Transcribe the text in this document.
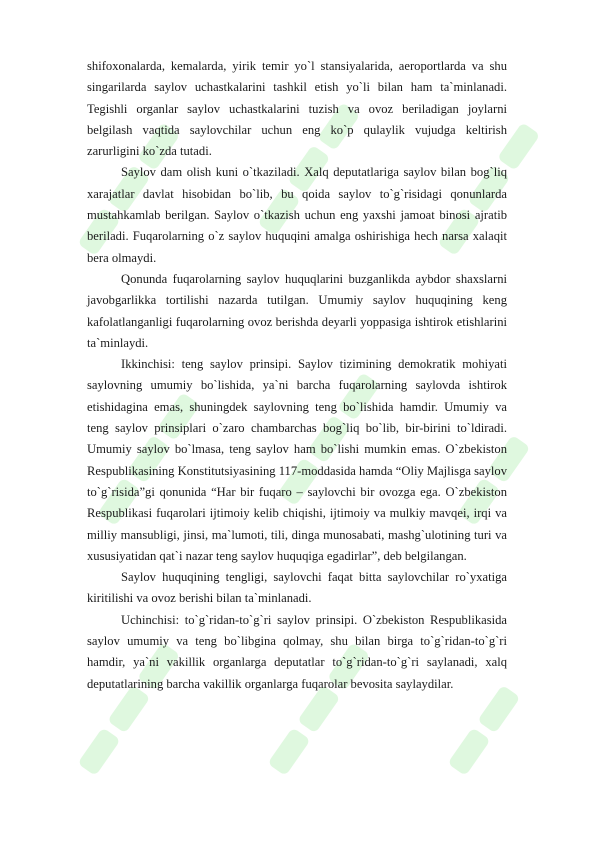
shifoxonalarda, kemalarda, yirik temir yo`l stansiyalarida, aeroportlarda va shu singarilarda saylov uchastkalarini tashkil etish yo`li bilan ham ta`minlanadi. Tegishli organlar saylov uchastkalarini tuzish va ovoz beriladigan joylarni belgilash vaqtida saylovchilar uchun eng ko`p qulaylik vujudga keltirish zarurligini ko`zda tutadi.

Saylov dam olish kuni o`tkaziladi. Xalq deputatlariga saylov bilan bog`liq xarajatlar davlat hisobidan bo`lib, bu qoida saylov to`g`risidagi qonunlarda mustahkamlab berilgan. Saylov o`tkazish uchun eng yaxshi jamoat binosi ajratib beriladi. Fuqarolarning o`z saylov huquqini amalga oshirishiga hech narsa xalaqit bera olmaydi.

Qonunda fuqarolarning saylov huquqlarini buzganlikda aybdor shaxslarni javobgarlikka tortilishi nazarda tutilgan. Umumiy saylov huquqining keng kafolatlanganligi fuqarolarning ovoz berishda deyarli yoppasiga ishtirok etishlarini ta`minlaydi.

Ikkinchisi: teng saylov prinsipi. Saylov tizimining demokratik mohiyati saylovning umumiy bo`lishida, ya`ni barcha fuqarolarning saylovda ishtirok etishidagina emas, shuningdek saylovning teng bo`lishida hamdir. Umumiy va teng saylov prinsiplari o`zaro chambarchas bog`liq bo`lib, bir-birini to`ldiradi. Umumiy saylov bo`lmasa, teng saylov ham bo`lishi mumkin emas. O`zbekiston Respublikasining Konstitutsiyasining 117-moddasida hamda “Oliy Majlisga saylov to`g`risida”gi qonunida “Har bir fuqaro – saylovchi bir ovozga ega. O`zbekiston Respublikasi fuqarolari ijtimoiy kelib chiqishi, ijtimoiy va mulkiy mavqei, irqi va milliy mansubligi, jinsi, ma`lumoti, tili, dinga munosabati, mashg`ulotining turi va xususiyatidan qat`i nazar teng saylov huquqiga egadirlar”, deb belgilangan.

Saylov huquqining tengligi, saylovchi faqat bitta saylovchilar ro`yxatiga kiritilishi va ovoz berishi bilan ta`minlanadi.

Uchinchisi: to`g`ridan-to`g`ri saylov prinsipi. O`zbekiston Respublikasida saylov umumiy va teng bo`libgina qolmay, shu bilan birga to`g`ridan-to`g`ri hamdir, ya`ni vakillik organlarga deputatlar to`g`ridan-to`g`ri saylanadi, xalq deputatlarining barcha vakillik organlarga fuqarolar bevosita saylaydilar.
